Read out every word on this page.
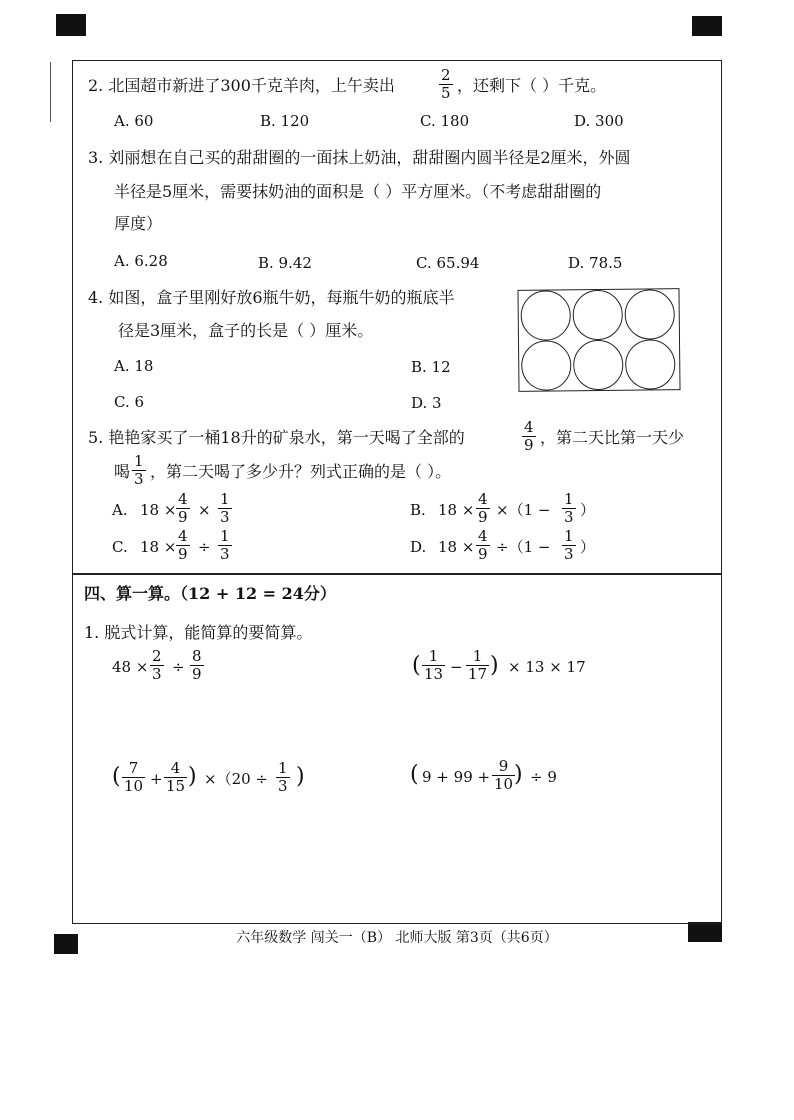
2. 北国超市新进了300千克羊肉，上午卖出
2
5 ，还剩下（ ）千克。
A. 60	B. 120	C. 180	D. 300
3. 刘丽想在自己买的甜甜圈的一面抹上奶油，甜甜圈内圆半径是2厘米，外圆
半径是5厘米，需要抹奶油的面积是（ ）平方厘米。（不考虑甜甜圈的
厚度）
A. 6.28	B. 9.42	C. 65.94	D. 78.5
4. 如图，盒子里刚好放6瓶牛奶，每瓶牛奶的瓶底半
径是3厘米，盒子的长是（ ）厘米。
A. 18	B. 12
C. 6	D. 3
5. 艳艳家买了一桶18升的矿泉水，第一天喝了全部的
4
9 ，第二天比第一天少
喝
1
3 ，第二天喝了多少升？列式正确的是（ ）。
A. 18 ×
4
9 ×
1
3	B. 18 ×
4
9 ×（1 −
1
3 ）
C. 18 ×
4
9 ÷
1
3	D. 18 ×
4
9 ÷（1 −
1
3 ）
四、算一算。（12 + 12 = 24分）
1. 脱式计算，能简算的要简算。
48 ×
2
3 ÷
8
9	( 1
13 −
1
17 ) × 13 × 17
( 7
10 +
4
15 ) ×（20 ÷
1
3 )	( 9 + 99 +
9
10 ) ÷ 9
六年级数学 闯关一（B） 北师大版 第3页（共6页）
